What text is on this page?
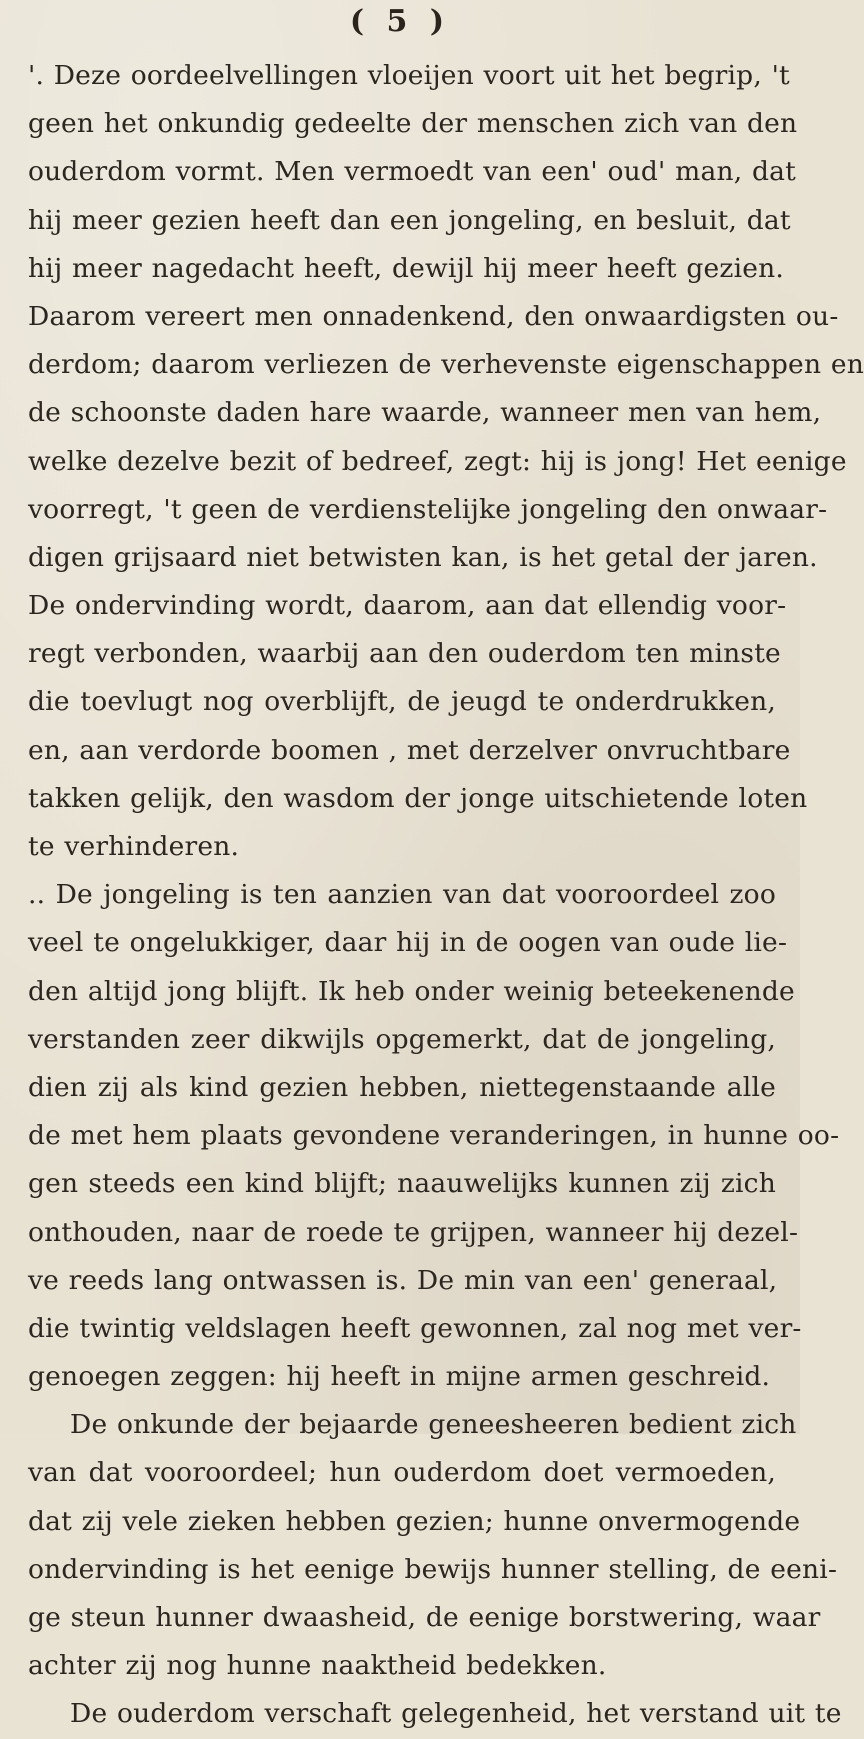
( 5 )
'. Deze oordeelvellingen vloeijen voort uit het begrip, 't
geen het onkundig gedeelte der menschen zich van den
ouderdom vormt. Men vermoedt van een' oud' man, dat
hij meer gezien heeft dan een jongeling, en besluit, dat
hij meer nagedacht heeft, dewijl hij meer heeft gezien.
Daarom vereert men onnadenkend, den onwaardigsten ou-
derdom; daarom verliezen de verhevenste eigenschappen en
de schoonste daden hare waarde, wanneer men van hem,
welke dezelve bezit of bedreef, zegt: hij is jong! Het eenige
voorregt, 't geen de verdienstelijke jongeling den onwaar-
digen grijsaard niet betwisten kan, is het getal der jaren.
De ondervinding wordt, daarom, aan dat ellendig voor-
regt verbonden, waarbij aan den ouderdom ten minste
die toevlugt nog overblijft, de jeugd te onderdrukken,
en, aan verdorde boomen , met derzelver onvruchtbare
takken gelijk, den wasdom der jonge uitschietende loten
te verhinderen.
.. De jongeling is ten aanzien van dat vooroordeel zoo
veel te ongelukkiger, daar hij in de oogen van oude lie-
den altijd jong blijft. Ik heb onder weinig beteekenende
verstanden zeer dikwijls opgemerkt, dat de jongeling,
dien zij als kind gezien hebben, niettegenstaande alle
de met hem plaats gevondene veranderingen, in hunne oo-
gen steeds een kind blijft; naauwelijks kunnen zij zich
onthouden, naar de roede te grijpen, wanneer hij dezel-
ve reeds lang ontwassen is. De min van een' generaal,
die twintig veldslagen heeft gewonnen, zal nog met ver-
genoegen zeggen: hij heeft in mijne armen geschreid.
De onkunde der bejaarde geneesheeren bedient zich
van dat vooroordeel; hun ouderdom doet vermoeden,
dat zij vele zieken hebben gezien; hunne onvermogende
ondervinding is het eenige bewijs hunner stelling, de eeni-
ge steun hunner dwaasheid, de eenige borstwering, waar
achter zij nog hunne naaktheid bedekken.
De ouderdom verschaft gelegenheid, het verstand uit te
